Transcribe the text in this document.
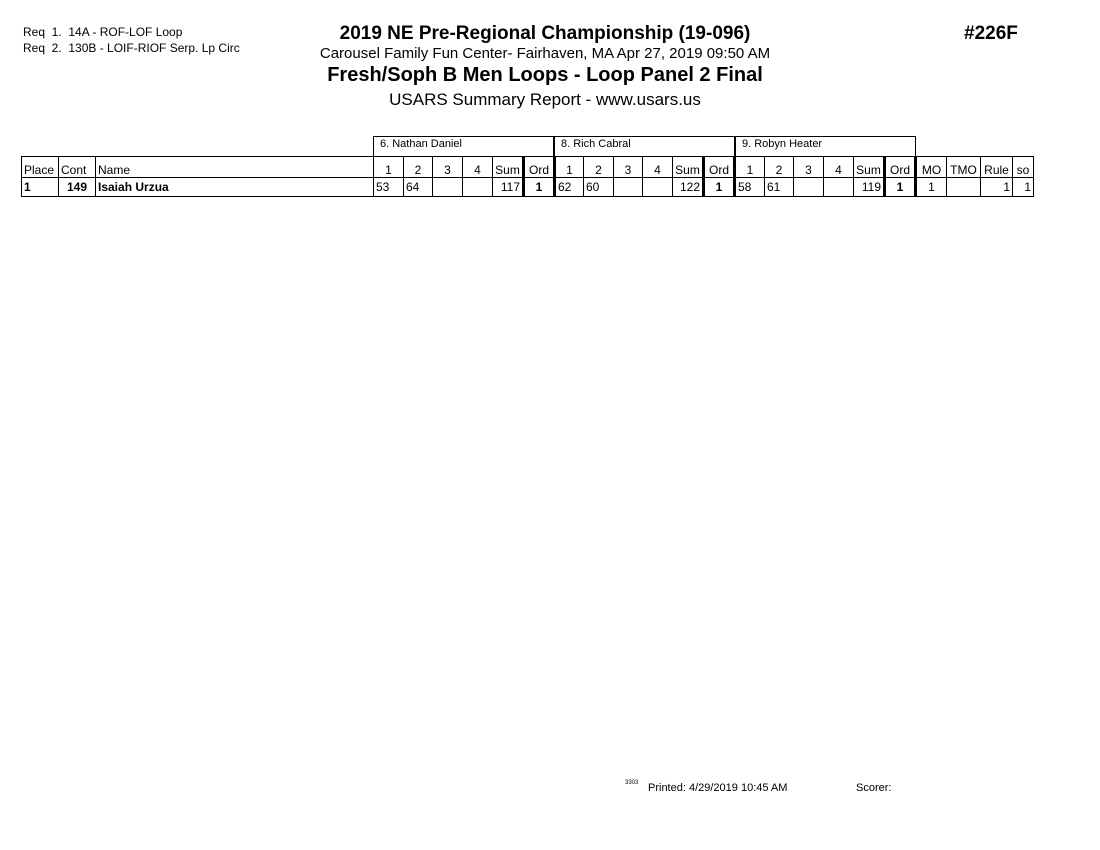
Req  1.  14A - ROF-LOF Loop
Req  2.  130B - LOIF-RIOF Serp. Lp Circ
2019 NE Pre-Regional Championship (19-096)
Carousel Family Fun Center- Fairhaven, MA Apr 27, 2019 09:50 AM
Fresh/Soph B Men Loops - Loop Panel 2 Final
USARS Summary Report - www.usars.us
#226F
6. Nathan Daniel	8. Rich Cabral	9. Robyn Heater
Place	Cont	Name	1	2	3	4	Sum	Ord	1	2	3	4	Sum	Ord	1	2	3	4	Sum	Ord	MO	TMO	Rule	so
1	149	Isaiah Urzua	53	64			117	1	62	60			122	1	58	61			119	1	1		1	1
3303 Printed: 4/29/2019 10:45 AM	Scorer:
